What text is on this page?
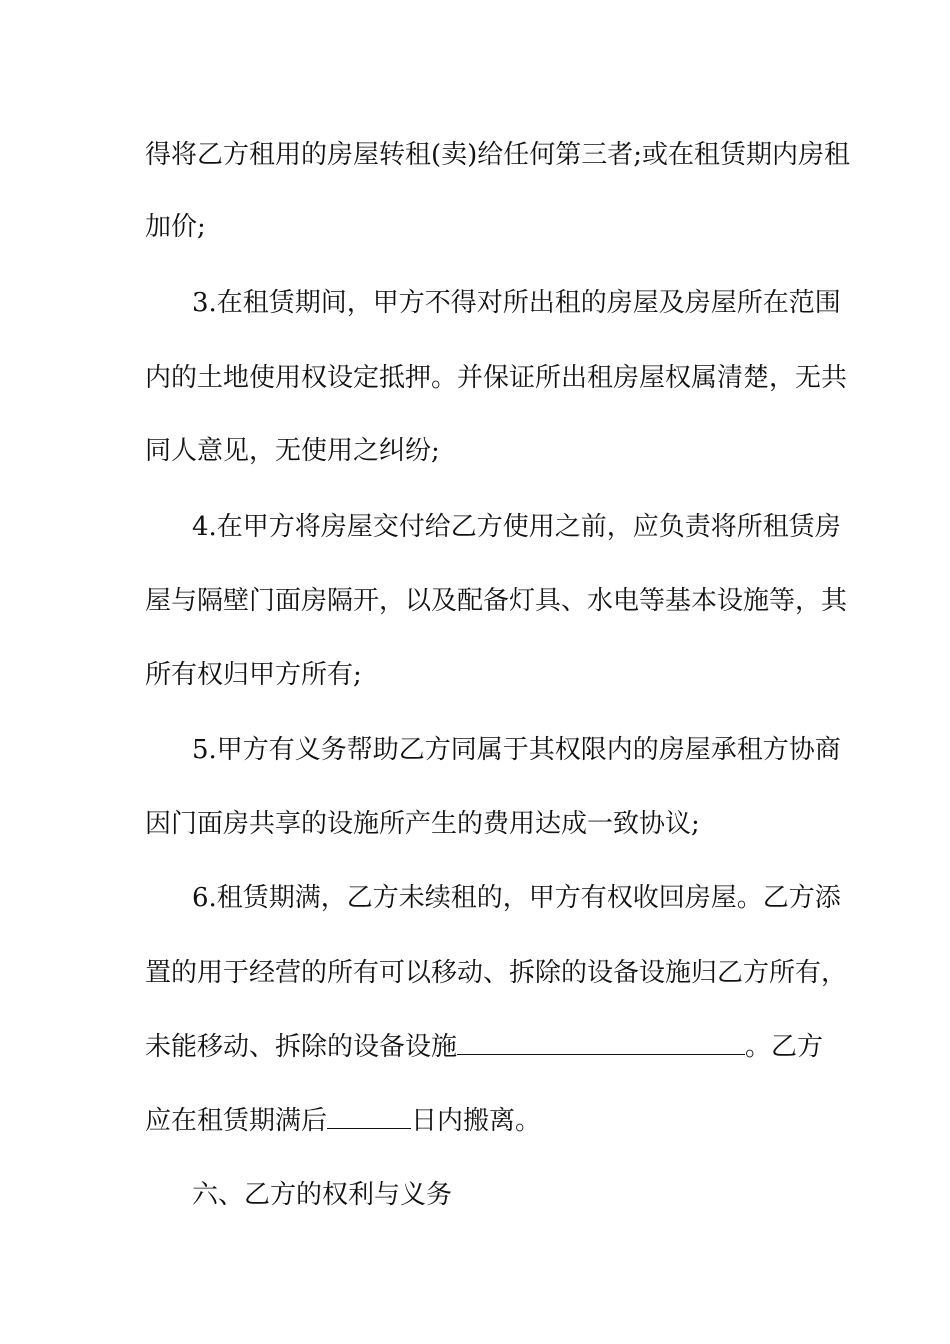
得将乙方租用的房屋转租(卖)给任何第三者;或在租赁期内房租
加价;
3.在租赁期间，甲方不得对所出租的房屋及房屋所在范围
内的土地使用权设定抵押。并保证所出租房屋权属清楚，无共
同人意见，无使用之纠纷;
4.在甲方将房屋交付给乙方使用之前，应负责将所租赁房
屋与隔壁门面房隔开，以及配备灯具、水电等基本设施等，其
所有权归甲方所有;
5.甲方有义务帮助乙方同属于其权限内的房屋承租方协商
因门面房共享的设施所产生的费用达成一致协议;
6.租赁期满，乙方未续租的，甲方有权收回房屋。乙方添
置的用于经营的所有可以移动、拆除的设备设施归乙方所有，
未能移动、拆除的设备设施	。乙方
应在租赁期满后	日内搬离。
六、乙方的权利与义务
